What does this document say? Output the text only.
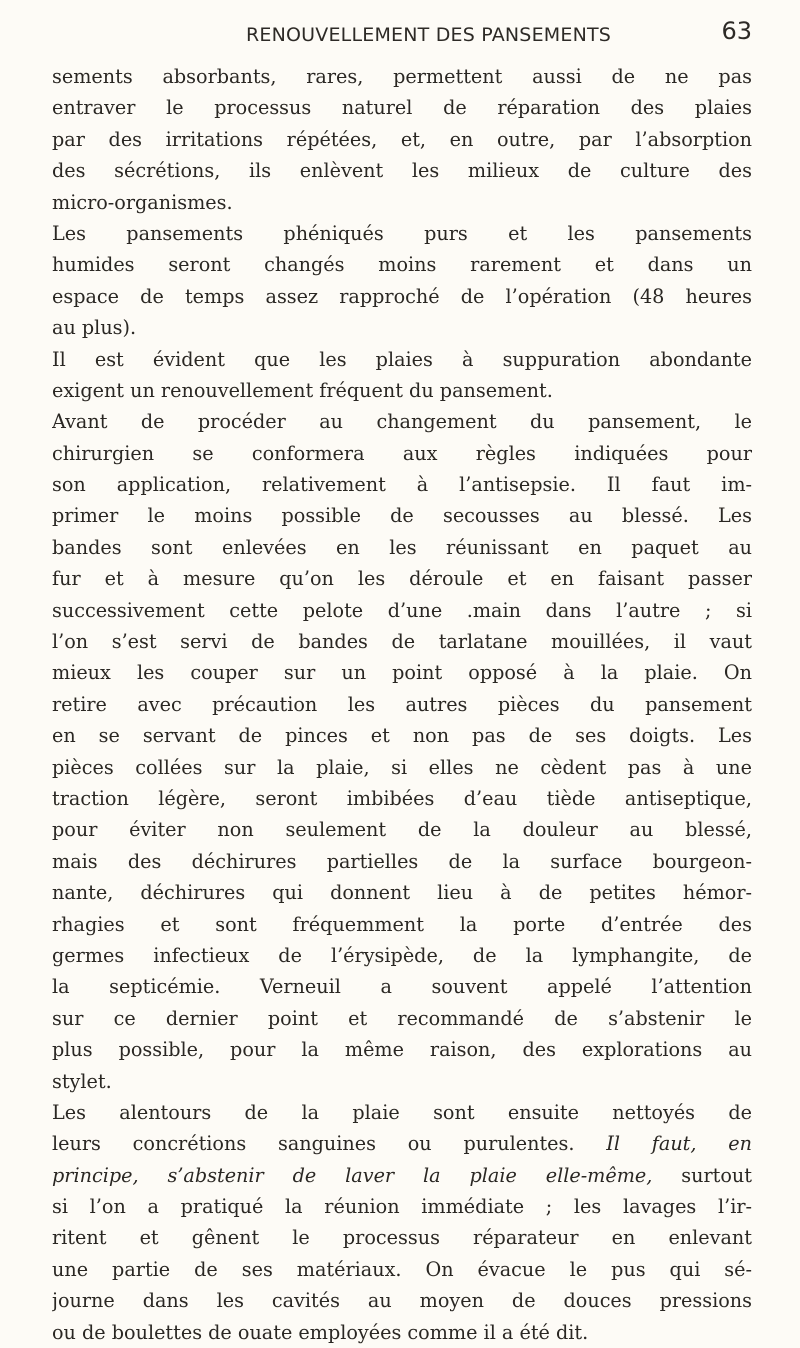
RENOUVELLEMENT DES PANSEMENTS	63
sements absorbants, rares, permettent aussi de ne pas
entraver le processus naturel de réparation des plaies
par des irritations répétées, et, en outre, par l’absorption
des sécrétions, ils enlèvent les milieux de culture des
micro-organismes.
Les pansements phéniqués purs et les pansements
humides seront changés moins rarement et dans un
espace de temps assez rapproché de l’opération (48 heures
au plus).
Il est évident que les plaies à suppuration abondante
exigent un renouvellement fréquent du pansement.
Avant de procéder au changement du pansement, le
chirurgien se conformera aux règles indiquées pour
son application, relativement à l’antisepsie. Il faut im-
primer le moins possible de secousses au blessé. Les
bandes sont enlevées en les réunissant en paquet au
fur et à mesure qu’on les déroule et en faisant passer
successivement cette pelote d’une .main dans l’autre ; si
l’on s’est servi de bandes de tarlatane mouillées, il vaut
mieux les couper sur un point opposé à la plaie. On
retire avec précaution les autres pièces du pansement
en se servant de pinces et non pas de ses doigts. Les
pièces collées sur la plaie, si elles ne cèdent pas à une
traction légère, seront imbibées d’eau tiède antiseptique,
pour éviter non seulement de la douleur au blessé,
mais des déchirures partielles de la surface bourgeon-
nante, déchirures qui donnent lieu à de petites hémor-
rhagies et sont fréquemment la porte d’entrée des
germes infectieux de l’érysipède, de la lymphangite, de
la septicémie. Verneuil a souvent appelé l’attention
sur ce dernier point et recommandé de s’abstenir le
plus possible, pour la même raison, des explorations au
stylet.
Les alentours de la plaie sont ensuite nettoyés de
leurs concrétions sanguines ou purulentes. Il faut, en
principe, s’abstenir de laver la plaie elle-même, surtout
si l’on a pratiqué la réunion immédiate ; les lavages l’ir-
ritent et gênent le processus réparateur en enlevant
une partie de ses matériaux. On évacue le pus qui sé-
journe dans les cavités au moyen de douces pressions
ou de boulettes de ouate employées comme il a été dit.
